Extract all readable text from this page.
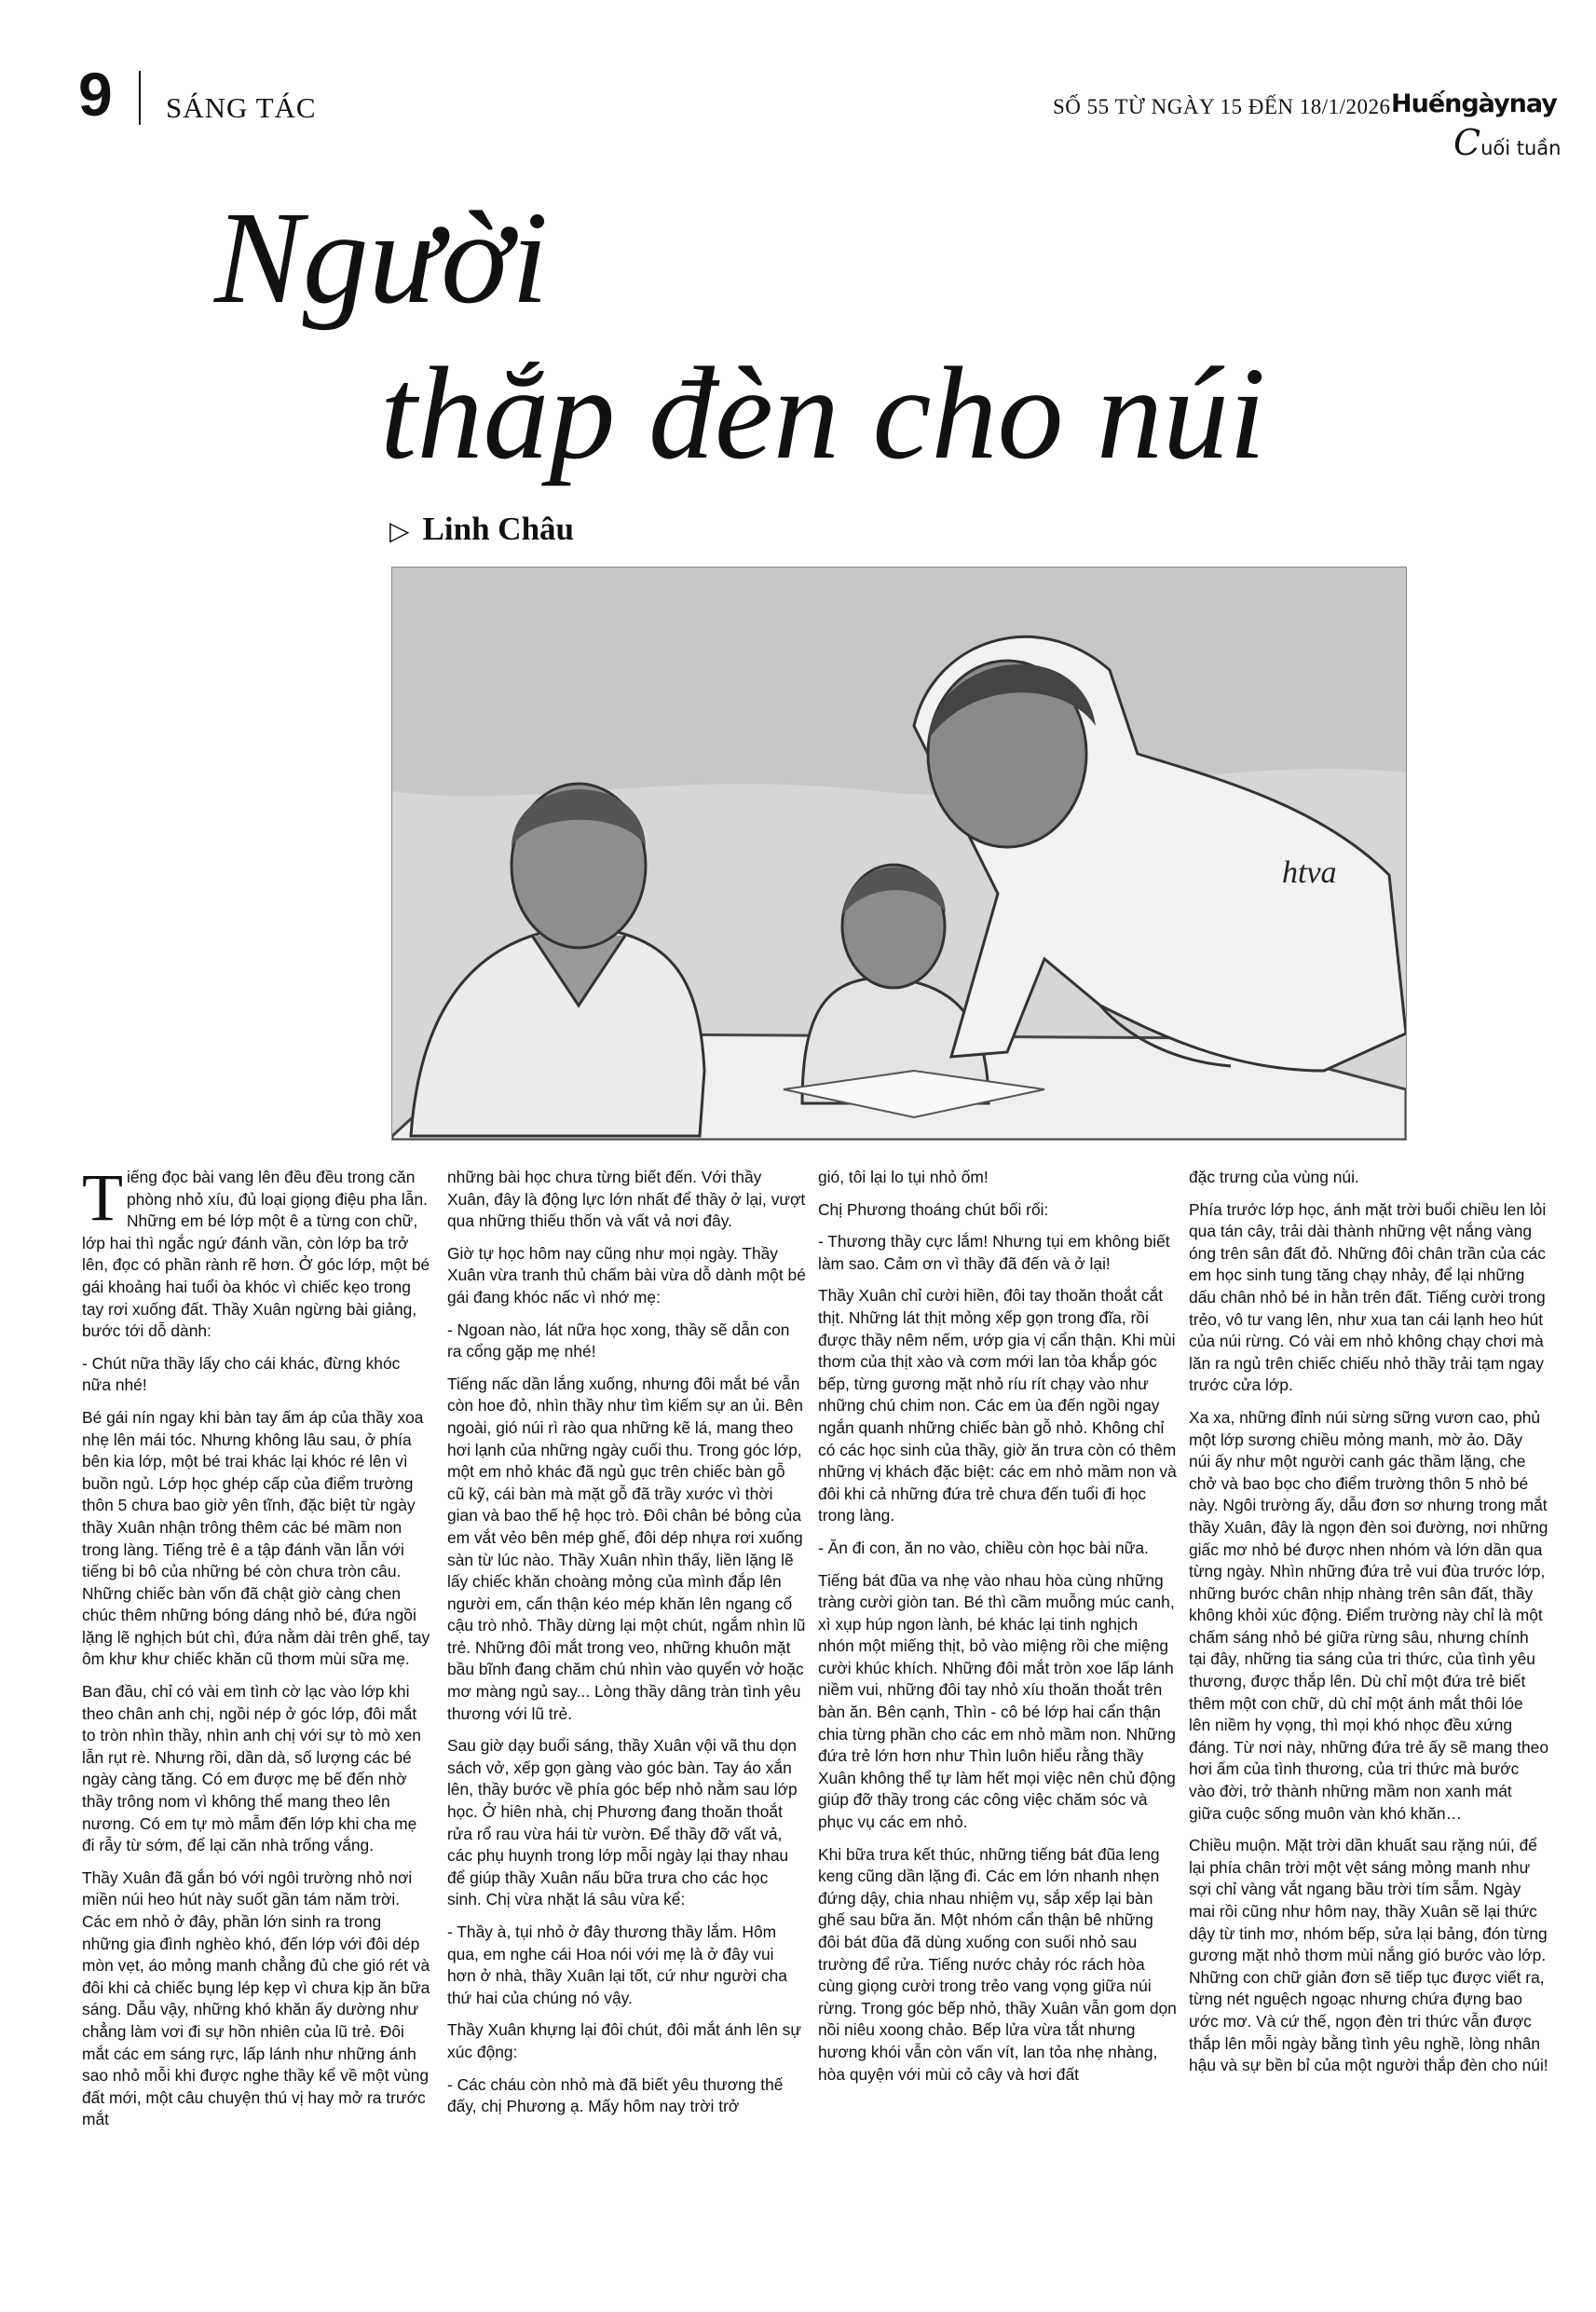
9 SÁNG TÁC	SỐ 55 TỪ NGÀY 15 ĐẾN 18/1/2026 Huếngàynay
Cuối tuần
Người
thắp đèn cho núi
▷ Linh Châu
htva

Tiếng đọc bài vang lên đều đều trong căn phòng nhỏ xíu, đủ loại giọng điệu pha lẫn. Những em bé lớp một ê a từng con chữ, lớp hai thì ngắc ngứ đánh vần, còn lớp ba trở lên, đọc có phần rành rẽ hơn. Ở góc lớp, một bé gái khoảng hai tuổi òa khóc vì chiếc kẹo trong tay rơi xuống đất. Thầy Xuân ngừng bài giảng, bước tới dỗ dành:

- Chút nữa thầy lấy cho cái khác, đừng khóc nữa nhé!

Bé gái nín ngay khi bàn tay ấm áp của thầy xoa nhẹ lên mái tóc. Nhưng không lâu sau, ở phía bên kia lớp, một bé trai khác lại khóc ré lên vì buồn ngủ. Lớp học ghép cấp của điểm trường thôn 5 chưa bao giờ yên tĩnh, đặc biệt từ ngày thầy Xuân nhận trông thêm các bé mầm non trong làng. Tiếng trẻ ê a tập đánh vần lẫn với tiếng bi bô của những bé còn chưa tròn câu. Những chiếc bàn vốn đã chật giờ càng chen chúc thêm những bóng dáng nhỏ bé, đứa ngồi lặng lẽ nghịch bút chì, đứa nằm dài trên ghế, tay ôm khư khư chiếc khăn cũ thơm mùi sữa mẹ.

Ban đầu, chỉ có vài em tình cờ lạc vào lớp khi theo chân anh chị, ngồi nép ở góc lớp, đôi mắt to tròn nhìn thầy, nhìn anh chị với sự tò mò xen lẫn rụt rè. Nhưng rồi, dần dà, số lượng các bé ngày càng tăng. Có em được mẹ bế đến nhờ thầy trông nom vì không thể mang theo lên nương. Có em tự mò mẫm đến lớp khi cha mẹ đi rẫy từ sớm, để lại căn nhà trống vắng.

Thầy Xuân đã gắn bó với ngôi trường nhỏ nơi miền núi heo hút này suốt gần tám năm trời. Các em nhỏ ở đây, phần lớn sinh ra trong những gia đình nghèo khó, đến lớp với đôi dép mòn vẹt, áo mỏng manh chẳng đủ che gió rét và đôi khi cả chiếc bụng lép kẹp vì chưa kịp ăn bữa sáng. Dẫu vậy, những khó khăn ấy dường như chẳng làm vơi đi sự hồn nhiên của lũ trẻ. Đôi mắt các em sáng rực, lấp lánh như những ánh sao nhỏ mỗi khi được nghe thầy kể về một vùng đất mới, một câu chuyện thú vị hay mở ra trước mắt

những bài học chưa từng biết đến. Với thầy Xuân, đây là động lực lớn nhất để thầy ở lại, vượt qua những thiếu thốn và vất vả nơi đây.

Giờ tự học hôm nay cũng như mọi ngày. Thầy Xuân vừa tranh thủ chấm bài vừa dỗ dành một bé gái đang khóc nấc vì nhớ mẹ:

- Ngoan nào, lát nữa học xong, thầy sẽ dẫn con ra cổng gặp mẹ nhé!

Tiếng nấc dần lắng xuống, nhưng đôi mắt bé vẫn còn hoe đỏ, nhìn thầy như tìm kiếm sự an ủi. Bên ngoài, gió núi rì rào qua những kẽ lá, mang theo hơi lạnh của những ngày cuối thu. Trong góc lớp, một em nhỏ khác đã ngủ gục trên chiếc bàn gỗ cũ kỹ, cái bàn mà mặt gỗ đã trầy xước vì thời gian và bao thế hệ học trò. Đôi chân bé bỏng của em vắt vẻo bên mép ghế, đôi dép nhựa rơi xuống sàn từ lúc nào. Thầy Xuân nhìn thấy, liền lặng lẽ lấy chiếc khăn choàng mỏng của mình đắp lên người em, cẩn thận kéo mép khăn lên ngang cổ cậu trò nhỏ. Thầy dừng lại một chút, ngắm nhìn lũ trẻ. Những đôi mắt trong veo, những khuôn mặt bầu bĩnh đang chăm chú nhìn vào quyển vở hoặc mơ màng ngủ say... Lòng thầy dâng tràn tình yêu thương với lũ trẻ.

Sau giờ dạy buổi sáng, thầy Xuân vội vã thu dọn sách vở, xếp gọn gàng vào góc bàn. Tay áo xắn lên, thầy bước về phía góc bếp nhỏ nằm sau lớp học. Ở hiên nhà, chị Phương đang thoăn thoắt rửa rổ rau vừa hái từ vườn. Để thầy đỡ vất vả, các phụ huynh trong lớp mỗi ngày lại thay nhau để giúp thầy Xuân nấu bữa trưa cho các học sinh. Chị vừa nhặt lá sâu vừa kể:

- Thầy à, tụi nhỏ ở đây thương thầy lắm. Hôm qua, em nghe cái Hoa nói với mẹ là ở đây vui hơn ở nhà, thầy Xuân lại tốt, cứ như người cha thứ hai của chúng nó vậy.

Thầy Xuân khựng lại đôi chút, đôi mắt ánh lên sự xúc động:

- Các cháu còn nhỏ mà đã biết yêu thương thế đấy, chị Phương ạ. Mấy hôm nay trời trở

gió, tôi lại lo tụi nhỏ ốm!

Chị Phương thoáng chút bối rối:

- Thương thầy cực lắm! Nhưng tụi em không biết làm sao. Cảm ơn vì thầy đã đến và ở lại!

Thầy Xuân chỉ cười hiền, đôi tay thoăn thoắt cắt thịt. Những lát thịt mỏng xếp gọn trong đĩa, rồi được thầy nêm nếm, ướp gia vị cẩn thận. Khi mùi thơm của thịt xào và cơm mới lan tỏa khắp góc bếp, từng gương mặt nhỏ ríu rít chạy vào như những chú chim non. Các em ùa đến ngồi ngay ngắn quanh những chiếc bàn gỗ nhỏ. Không chỉ có các học sinh của thầy, giờ ăn trưa còn có thêm những vị khách đặc biệt: các em nhỏ mầm non và đôi khi cả những đứa trẻ chưa đến tuổi đi học trong làng.

- Ăn đi con, ăn no vào, chiều còn học bài nữa.

Tiếng bát đũa va nhẹ vào nhau hòa cùng những tràng cười giòn tan. Bé thì cầm muỗng múc canh, xì xụp húp ngon lành, bé khác lại tinh nghịch nhón một miếng thịt, bỏ vào miệng rồi che miệng cười khúc khích. Những đôi mắt tròn xoe lấp lánh niềm vui, những đôi tay nhỏ xíu thoăn thoắt trên bàn ăn. Bên cạnh, Thìn - cô bé lớp hai cẩn thận chia từng phần cho các em nhỏ mầm non. Những đứa trẻ lớn hơn như Thìn luôn hiểu rằng thầy Xuân không thể tự làm hết mọi việc nên chủ động giúp đỡ thầy trong các công việc chăm sóc và phục vụ các em nhỏ.

Khi bữa trưa kết thúc, những tiếng bát đũa leng keng cũng dần lặng đi. Các em lớn nhanh nhẹn đứng dậy, chia nhau nhiệm vụ, sắp xếp lại bàn ghế sau bữa ăn. Một nhóm cẩn thận bê những đôi bát đũa đã dùng xuống con suối nhỏ sau trường để rửa. Tiếng nước chảy róc rách hòa cùng giọng cười trong trẻo vang vọng giữa núi rừng. Trong góc bếp nhỏ, thầy Xuân vẫn gom dọn nồi niêu xoong chảo. Bếp lửa vừa tắt nhưng hương khói vẫn còn vấn vít, lan tỏa nhẹ nhàng, hòa quyện với mùi cỏ cây và hơi đất

đặc trưng của vùng núi.

Phía trước lớp học, ánh mặt trời buổi chiều len lỏi qua tán cây, trải dài thành những vệt nắng vàng óng trên sân đất đỏ. Những đôi chân trần của các em học sinh tung tăng chạy nhảy, để lại những dấu chân nhỏ bé in hằn trên đất. Tiếng cười trong trẻo, vô tư vang lên, như xua tan cái lạnh heo hút của núi rừng. Có vài em nhỏ không chạy chơi mà lăn ra ngủ trên chiếc chiếu nhỏ thầy trải tạm ngay trước cửa lớp.

Xa xa, những đỉnh núi sừng sững vươn cao, phủ một lớp sương chiều mỏng manh, mờ ảo. Dãy núi ấy như một người canh gác thầm lặng, che chở và bao bọc cho điểm trường thôn 5 nhỏ bé này. Ngôi trường ấy, dẫu đơn sơ nhưng trong mắt thầy Xuân, đây là ngọn đèn soi đường, nơi những giấc mơ nhỏ bé được nhen nhóm và lớn dần qua từng ngày. Nhìn những đứa trẻ vui đùa trước lớp, những bước chân nhịp nhàng trên sân đất, thầy không khỏi xúc động. Điểm trường này chỉ là một chấm sáng nhỏ bé giữa rừng sâu, nhưng chính tại đây, những tia sáng của tri thức, của tình yêu thương, được thắp lên. Dù chỉ một đứa trẻ biết thêm một con chữ, dù chỉ một ánh mắt thôi lóe lên niềm hy vọng, thì mọi khó nhọc đều xứng đáng. Từ nơi này, những đứa trẻ ấy sẽ mang theo hơi ấm của tình thương, của tri thức mà bước vào đời, trở thành những mầm non xanh mát giữa cuộc sống muôn vàn khó khăn…

Chiều muộn. Mặt trời dần khuất sau rặng núi, để lại phía chân trời một vệt sáng mỏng manh như sợi chỉ vàng vắt ngang bầu trời tím sẫm. Ngày mai rồi cũng như hôm nay, thầy Xuân sẽ lại thức dậy từ tinh mơ, nhóm bếp, sửa lại bảng, đón từng gương mặt nhỏ thơm mùi nắng gió bước vào lớp. Những con chữ giản đơn sẽ tiếp tục được viết ra, từng nét nguệch ngoạc nhưng chứa đựng bao ước mơ. Và cứ thế, ngọn đèn tri thức vẫn được thắp lên mỗi ngày bằng tình yêu nghề, lòng nhân hậu và sự bền bỉ của một người thắp đèn cho núi!
